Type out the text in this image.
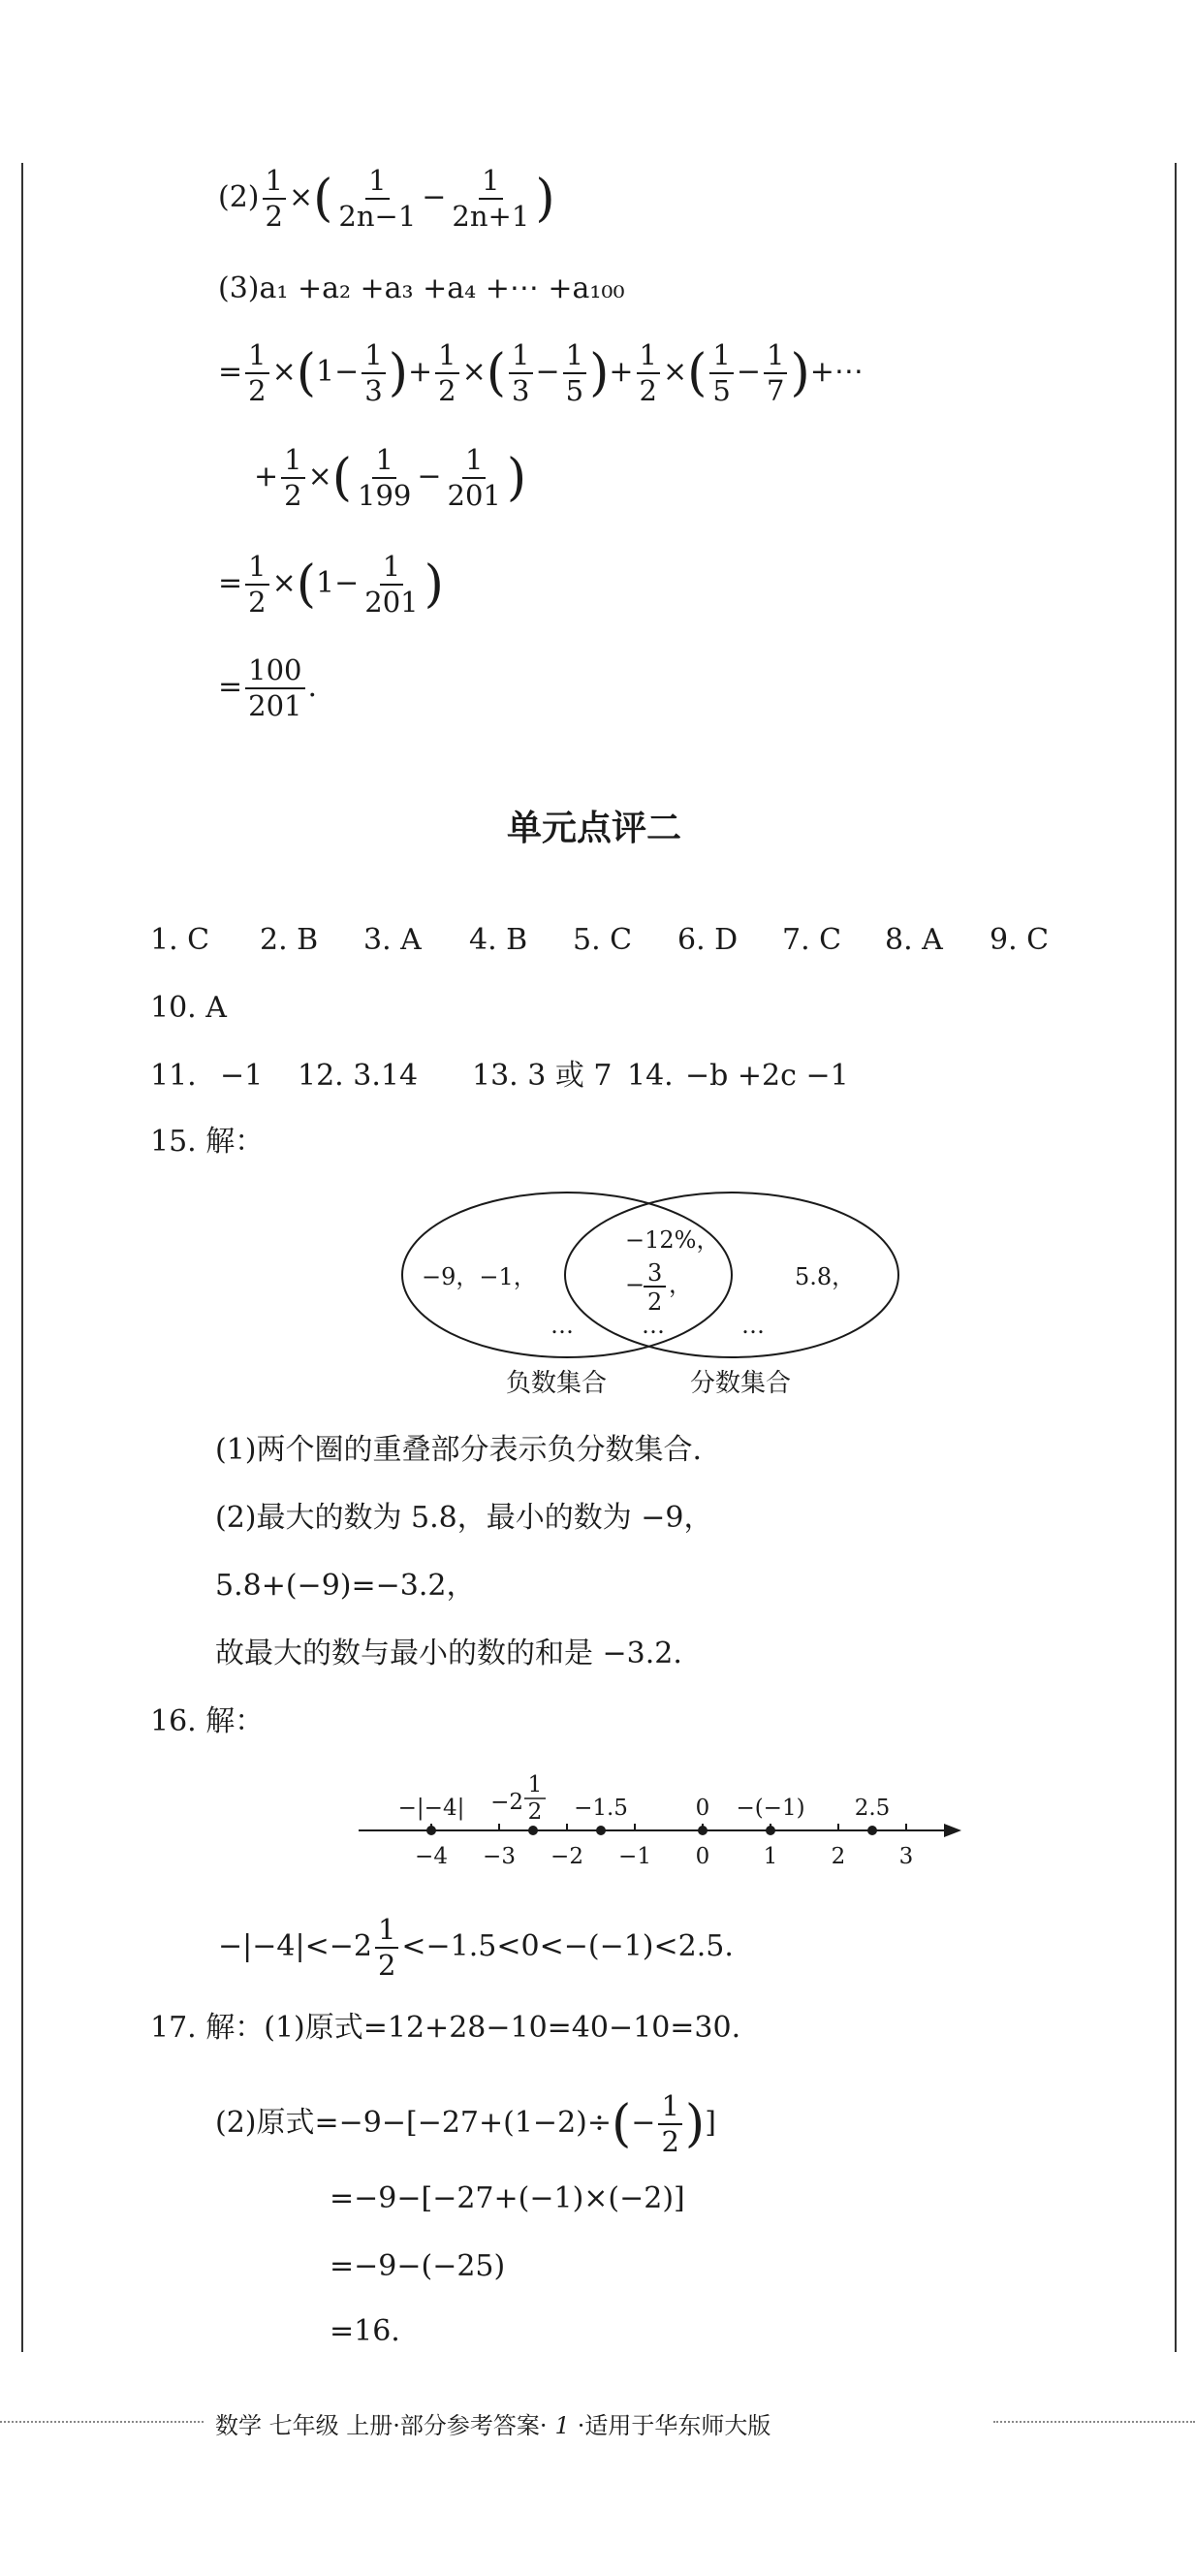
$(2) \frac{1}{2}$ ×( $\frac{1}{2n-1} - \frac{1}{2n+1}$ )
(3)a₁ +a₂ +a₃ +a₄ +⋯ +a₁₀₀
= $\frac{1}{2} \times(1- \frac{1}{3}$ )+ $\frac{1}{2}$ ×( $\frac{1}{3} - \frac{1}{5}$ )+ $\frac{1}{2}$ ×( $\frac{1}{5} - \frac{1}{7}$ )+⋯
+ $\frac{1}{2}$ ×( $\frac{1}{199} - \frac{1}{201}$ )
= $\frac{1}{2} \times(1- \frac{1}{201}$ )
= $\frac{100}{201}$ .
单元点评二
1. C 2. B 3. A 4. B 5. C 6. D 7. C 8. A 9. C
10. A
11. −1 12. 3.14 13. 3 或 7 14. −b +2c −1
15. 解：
−9，−1，
…
−12%，
− 3
2
，
…
5.8，
…
负数集合	分数集合
(1)两个圈的重叠部分表示负分数集合.
(2)最大的数为 5.8，最小的数为 −9，
5.8+(−9)=−3.2，
故最大的数与最小的数的和是 −3.2.
16. 解：
−4 −3 −2 −1 0 1 2 3
−|−4| −2
1
2 −1.5	0 −(−1) 2.5
$-|-4|<-2 \frac{1}{2} <-1.5<0<-(-1)<2.5$.
17. 解：(1)原式=12+28−10=40−10=30.
(2)原式$=-9-[-27+(1-2)\div(- \frac{1}{2}$ )]
=−9−[−27+(−1)×(−2)]
=−9−(−25)
=16.
数学 七年级 上册·部分参考答案· 1 ·适用于华东师大版
